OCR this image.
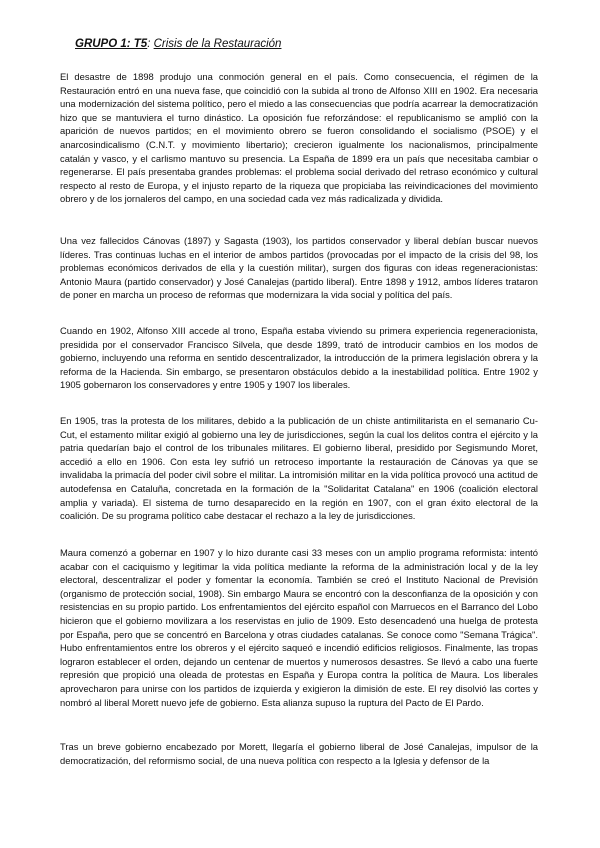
GRUPO 1: T5: Crisis de la Restauración

El desastre de 1898 produjo una conmoción general en el país. Como consecuencia, el régimen de la Restauración entró en una nueva fase, que coincidió con la subida al trono de Alfonso XIII en 1902. Era necesaria una modernización del sistema político, pero el miedo a las consecuencias que podría acarrear la democratización hizo que se mantuviera el turno dinástico. La oposición fue reforzándose: el republicanismo se amplió con la aparición de nuevos partidos; en el movimiento obrero se fueron consolidando el socialismo (PSOE) y el anarcosindicalismo (C.N.T. y movimiento libertario); crecieron igualmente los nacionalismos, principalmente catalán y vasco, y el carlismo mantuvo su presencia. La España de 1899 era un país que necesitaba cambiar o regenerarse. El país presentaba grandes problemas: el problema social derivado del retraso económico y cultural respecto al resto de Europa, y el injusto reparto de la riqueza que propiciaba las reivindicaciones del movimiento obrero y de los jornaleros del campo, en una sociedad cada vez más radicalizada y dividida.

Una vez fallecidos Cánovas (1897) y Sagasta (1903), los partidos conservador y liberal debían buscar nuevos líderes. Tras continuas luchas en el interior de ambos partidos (provocadas por el impacto de la crisis del 98, los problemas económicos derivados de ella y la cuestión militar), surgen dos figuras con ideas regeneracionistas: Antonio Maura (partido conservador) y José Canalejas (partido liberal). Entre 1898 y 1912, ambos líderes trataron de poner en marcha un proceso de reformas que modernizara la vida social y política del país.

Cuando en 1902, Alfonso XIII accede al trono, España estaba viviendo su primera experiencia regeneracionista, presidida por el conservador Francisco Silvela, que desde 1899, trató de introducir cambios en los modos de gobierno, incluyendo una reforma en sentido descentralizador, la introducción de la primera legislación obrera y la reforma de la Hacienda. Sin embargo, se presentaron obstáculos debido a la inestabilidad política. Entre 1902 y 1905 gobernaron los conservadores y entre 1905 y 1907 los liberales.

En 1905, tras la protesta de los militares, debido a la publicación de un chiste antimilitarista en el semanario Cu-Cut, el estamento militar exigió al gobierno una ley de jurisdicciones, según la cual los delitos contra el ejército y la patria quedarían bajo el control de los tribunales militares. El gobierno liberal, presidido por Segismundo Moret, accedió a ello en 1906. Con esta ley sufrió un retroceso importante la restauración de Cánovas ya que se invalidaba la primacía del poder civil sobre el militar. La intromisión militar en la vida política provocó una actitud de autodefensa en Cataluña, concretada en la formación de la "Solidaritat Catalana" en 1906 (coalición electoral amplia y variada). El sistema de turno desaparecido en la región en 1907, con el gran éxito electoral de la coalición. De su programa político cabe destacar el rechazo a la ley de jurisdicciones.

Maura comenzó a gobernar en 1907 y lo hizo durante casi 33 meses con un amplio programa reformista: intentó acabar con el caciquismo y legitimar la vida política mediante la reforma de la administración local y de la ley electoral, descentralizar el poder y fomentar la economía. También se creó el Instituto Nacional de Previsión (organismo de protección social, 1908). Sin embargo Maura se encontró con la desconfianza de la oposición y con resistencias en su propio partido. Los enfrentamientos del ejército español con Marruecos en el Barranco del Lobo hicieron que el gobierno movilizara a los reservistas en julio de 1909. Esto desencadenó una huelga de protesta por España, pero que se concentró en Barcelona y otras ciudades catalanas. Se conoce como "Semana Trágica". Hubo enfrentamientos entre los obreros y el ejército saqueó e incendió edificios religiosos. Finalmente, las tropas lograron establecer el orden, dejando un centenar de muertos y numerosos desastres. Se llevó a cabo una fuerte represión que propició una oleada de protestas en España y Europa contra la política de Maura. Los liberales aprovecharon para unirse con los partidos de izquierda y exigieron la dimisión de este. El rey disolvió las cortes y nombró al liberal Morett nuevo jefe de gobierno. Esta alianza supuso la ruptura del Pacto de El Pardo.

Tras un breve gobierno encabezado por Morett, llegaría el gobierno liberal de José Canalejas, impulsor de la democratización, del reformismo social, de una nueva política con respecto a la Iglesia y defensor de la
